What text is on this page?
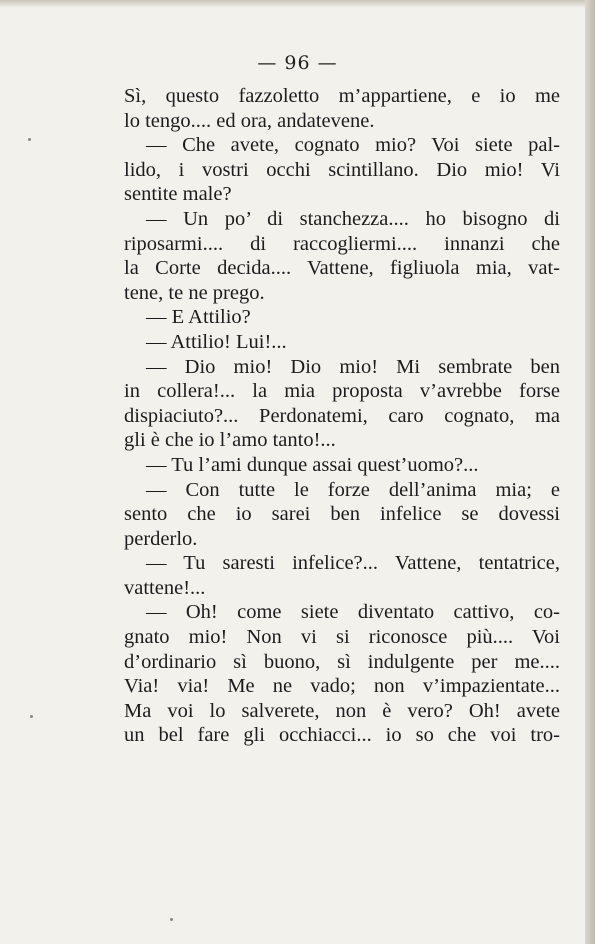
— 96 —
Sì, questo fazzoletto m’appartiene, e io me
lo tengo.... ed ora, andatevene.
— Che avete, cognato mio? Voi siete pal-
lido, i vostri occhi scintillano. Dio mio! Vi
sentite male?
— Un po’ di stanchezza.... ho bisogno di
riposarmi.... di raccogliermi.... innanzi che
la Corte decida.... Vattene, figliuola mia, vat-
tene, te ne prego.
— E Attilio?
— Attilio! Lui!...
— Dio mio! Dio mio! Mi sembrate ben
in collera!... la mia proposta v’avrebbe forse
dispiaciuto?... Perdonatemi, caro cognato, ma
gli è che io l’amo tanto!...
— Tu l’ami dunque assai quest’uomo?...
— Con tutte le forze dell’anima mia; e
sento che io sarei ben infelice se dovessi
perderlo.
— Tu saresti infelice?... Vattene, tentatrice,
vattene!...
— Oh! come siete diventato cattivo, co-
gnato mio! Non vi si riconosce più.... Voi
d’ordinario sì buono, sì indulgente per me....
Via! via! Me ne vado; non v’impazientate...
Ma voi lo salverete, non è vero? Oh! avete
un bel fare gli occhiacci... io so che voi tro-
